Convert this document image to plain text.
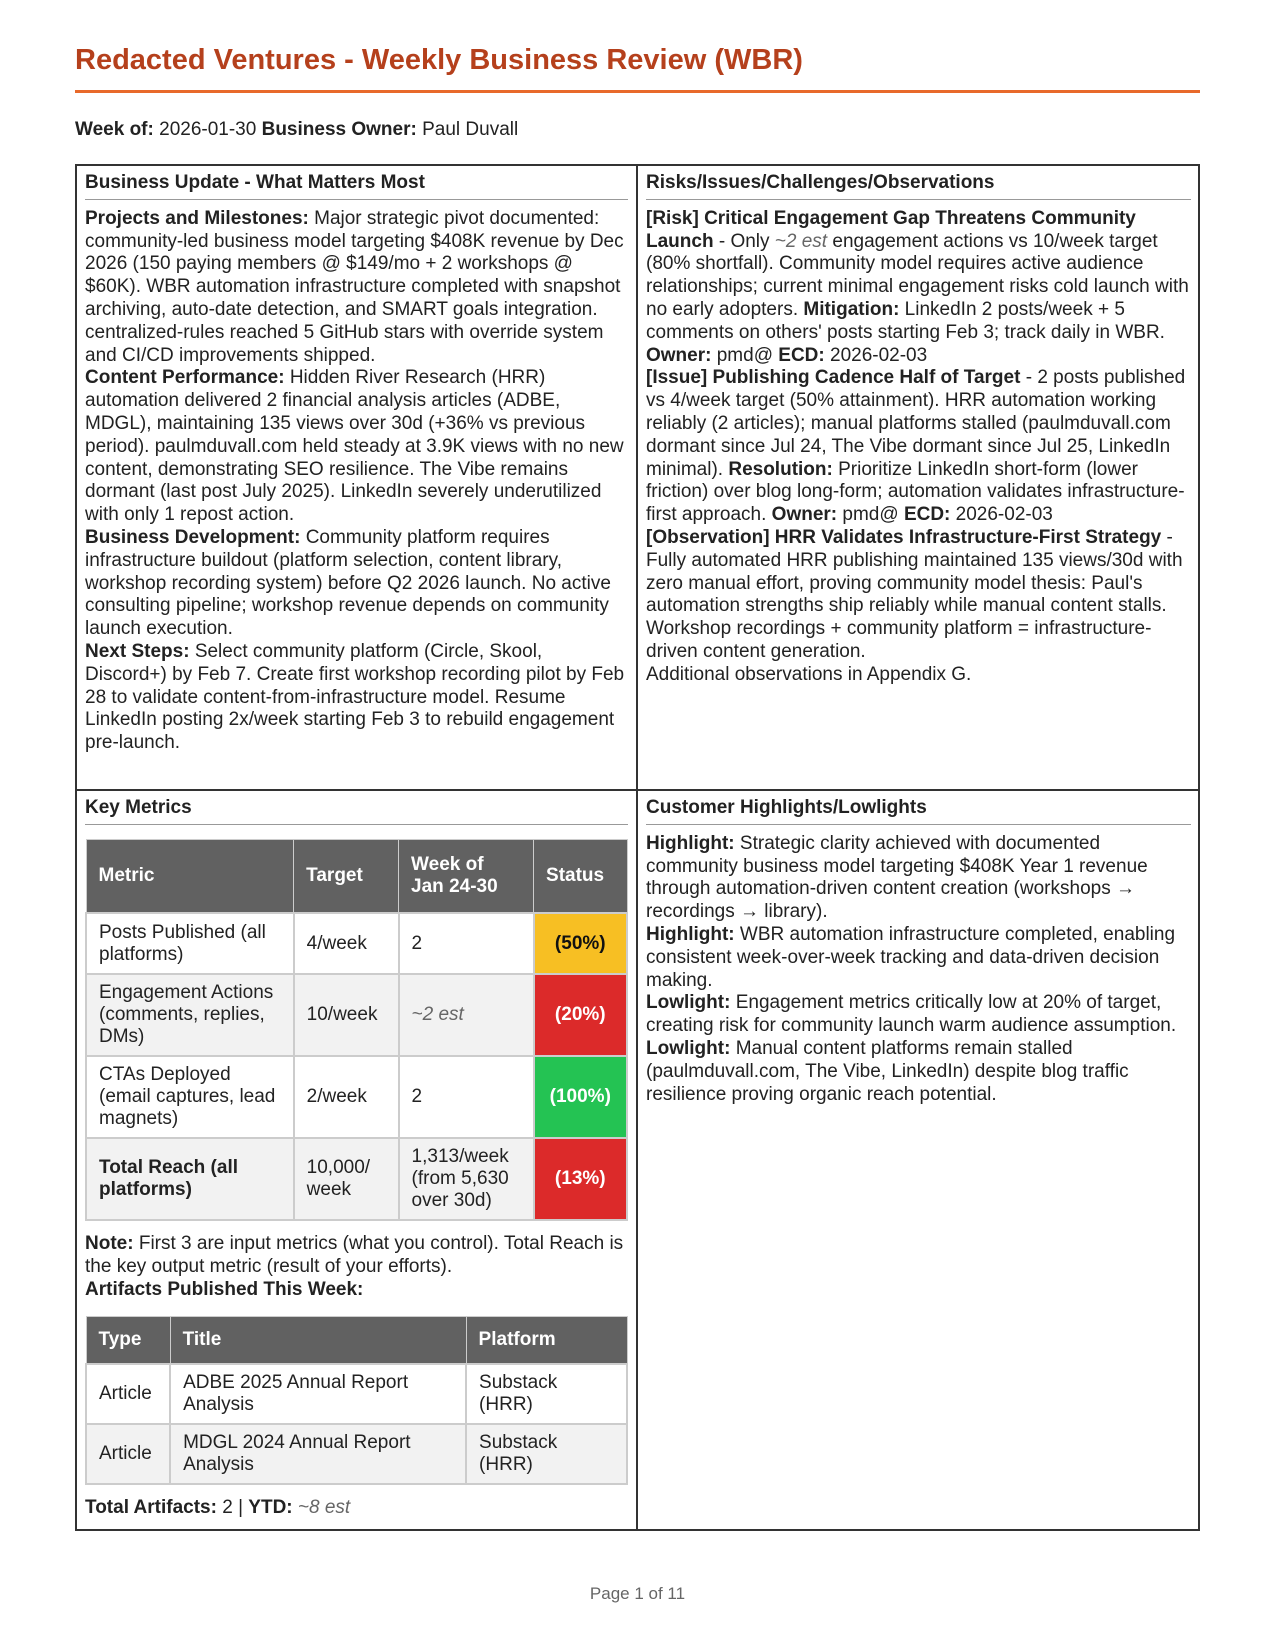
Redacted Ventures - Weekly Business Review (WBR)
Week of: 2026-01-30 Business Owner: Paul Duvall
Business Update - What Matters Most
Projects and Milestones: Major strategic pivot documented: community-led business model targeting $408K revenue by Dec 2026 (150 paying members @ $149/mo + 2 workshops @ $60K). WBR automation infrastructure completed with snapshot archiving, auto-date detection, and SMART goals integration. centralized-rules reached 5 GitHub stars with override system and CI/CD improvements shipped.
Content Performance: Hidden River Research (HRR) automation delivered 2 financial analysis articles (ADBE, MDGL), maintaining 135 views over 30d (+36% vs previous period). paulmduvall.com held steady at 3.9K views with no new content, demonstrating SEO resilience. The Vibe remains dormant (last post July 2025). LinkedIn severely underutilized with only 1 repost action.
Business Development: Community platform requires infrastructure buildout (platform selection, content library, workshop recording system) before Q2 2026 launch. No active consulting pipeline; workshop revenue depends on community launch execution.
Next Steps: Select community platform (Circle, Skool, Discord+) by Feb 7. Create first workshop recording pilot by Feb 28 to validate content-from-infrastructure model. Resume LinkedIn posting 2x/week starting Feb 3 to rebuild engagement pre-launch.
Risks/Issues/Challenges/Observations
[Risk] Critical Engagement Gap Threatens Community Launch - Only ~2 est engagement actions vs 10/week target (80% shortfall). Community model requires active audience relationships; current minimal engagement risks cold launch with no early adopters. Mitigation: LinkedIn 2 posts/week + 5 comments on others' posts starting Feb 3; track daily in WBR. Owner: pmd@ ECD: 2026-02-03
[Issue] Publishing Cadence Half of Target - 2 posts published vs 4/week target (50% attainment). HRR automation working reliably (2 articles); manual platforms stalled (paulmduvall.com dormant since Jul 24, The Vibe dormant since Jul 25, LinkedIn minimal). Resolution: Prioritize LinkedIn short-form (lower friction) over blog long-form; automation validates infrastructure-first approach. Owner: pmd@ ECD: 2026-02-03
[Observation] HRR Validates Infrastructure-First Strategy - Fully automated HRR publishing maintained 135 views/30d with zero manual effort, proving community model thesis: Paul's automation strengths ship reliably while manual content stalls. Workshop recordings + community platform = infrastructure-driven content generation.
Additional observations in Appendix G.
Key Metrics
Metric	Target	Week of Jan 24-30	Status
Posts Published (all platforms)	4/week	2	(50%)
Engagement Actions (comments, replies, DMs)	10/week	~2 est	(20%)
CTAs Deployed (email captures, lead magnets)	2/week	2	(100%)
Total Reach (all platforms)	10,000/ week	1,313/week (from 5,630 over 30d)	(13%)
Note: First 3 are input metrics (what you control). Total Reach is the key output metric (result of your efforts).
Artifacts Published This Week:
Type	Title	Platform
Article	ADBE 2025 Annual Report Analysis	Substack (HRR)
Article	MDGL 2024 Annual Report Analysis	Substack (HRR)
Total Artifacts: 2 | YTD: ~8 est
Customer Highlights/Lowlights
Highlight: Strategic clarity achieved with documented community business model targeting $408K Year 1 revenue through automation-driven content creation (workshops → recordings → library).
Highlight: WBR automation infrastructure completed, enabling consistent week-over-week tracking and data-driven decision making.
Lowlight: Engagement metrics critically low at 20% of target, creating risk for community launch warm audience assumption.
Lowlight: Manual content platforms remain stalled (paulmduvall.com, The Vibe, LinkedIn) despite blog traffic resilience proving organic reach potential.
Page 1 of 11
